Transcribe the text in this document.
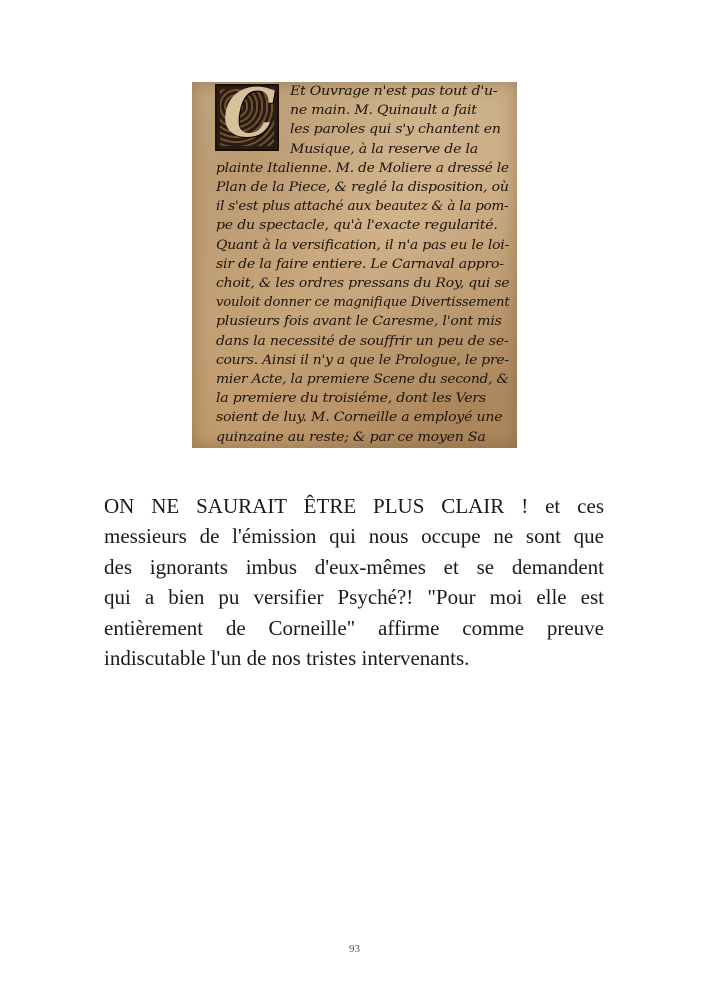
C Et Ouvrage n'est pas tout d'u-
ne main. M. Quinault a fait
les paroles qui s'y chantent en
Musique, à la reserve de la
plainte Italienne. M. de Moliere a dressé le
Plan de la Piece, & reglé la disposition, où
il s'est plus attaché aux beautez & à la pom-
pe du spectacle, qu'à l'exacte regularité.
Quant à la versification, il n'a pas eu le loi-
sir de la faire entiere. Le Carnaval appro-
choit, & les ordres pressans du Roy, qui se
vouloit donner ce magnifique Divertissement
plusieurs fois avant le Caresme, l'ont mis
dans la necessité de souffrir un peu de se-
cours. Ainsi il n'y a que le Prologue, le pre-
mier Acte, la premiere Scene du second, &
la premiere du troisiéme, dont les Vers
soient de luy. M. Corneille a employé une
quinzaine au reste; & par ce moyen Sa
ON NE SAURAIT ÊTRE PLUS CLAIR ! et ces
messieurs de l'émission qui nous occupe ne sont que
des ignorants imbus d'eux-mêmes et se demandent
qui a bien pu versifier Psyché?! "Pour moi elle est
entièrement de Corneille" affirme comme preuve
indiscutable l'un de nos tristes intervenants.
93
